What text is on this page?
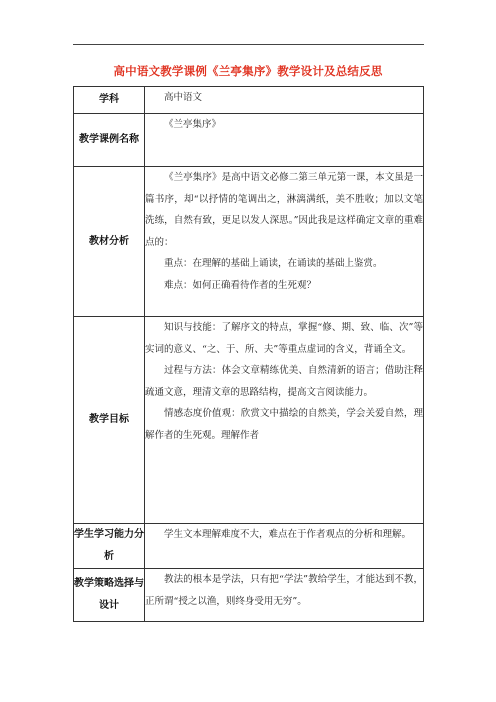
高中语文教学课例《兰亭集序》教学设计及总结反思
学科	高中语文

教学课例名称	《兰亭集序》

教材分析	《兰亭集序》是高中语文必修二第三单元第一课，本文虽是一篇书序，却“以抒情的笔调出之，淋漓满纸，美不胜收；加以文笔洗练，自然有致，更足以发人深思。”因此我是这样确定文章的重难点的：

重点：在理解的基础上诵读，在诵读的基础上鉴赏。

难点：如何正确看待作者的生死观？

教学目标	知识与技能：了解序文的特点，掌握“修、期、致、临、次”等实词的意义、“之、于、所、夫”等重点虚词的含义，背诵全文。

过程与方法：体会文章精练优美、自然清新的语言；借助注释疏通文意，理清文章的思路结构，提高文言阅读能力。

情感态度价值观：欣赏文中描绘的自然美，学会关爱自然，理解作者的生死观。理解作者

学生学习能力分析	学生文本理解难度不大，难点在于作者观点的分析和理解。

教学策略选择与设计	教法的根本是学法，只有把“学法”教给学生，才能达到不教，正所谓“授之以渔，则终身受用无穷”。
